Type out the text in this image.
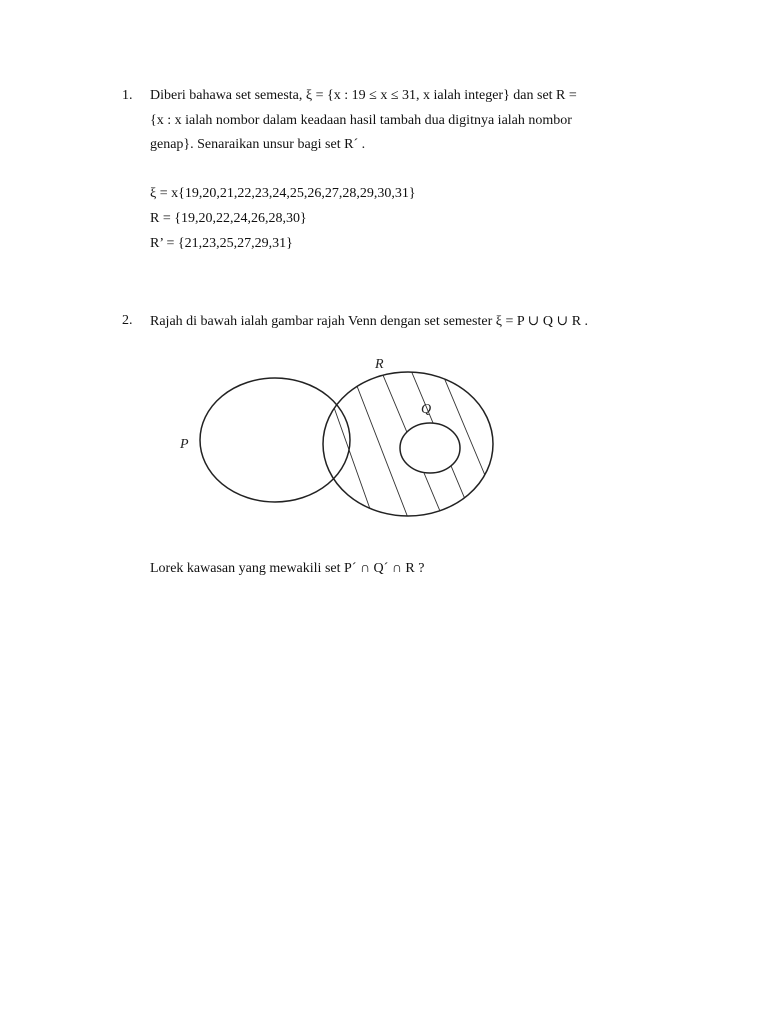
1. Diberi bahawa set semesta, ξ = {x : 19 ≤ x ≤ 31, x ialah integer} dan set R =
{x : x ialah nombor dalam keadaan hasil tambah dua digitnya ialah nombor
genap}. Senaraikan unsur bagi set R´ .
ξ = x{19,20,21,22,23,24,25,26,27,28,29,30,31}
R = {19,20,22,24,26,28,30}
R’ = {21,23,25,27,29,31}
2. Rajah di bawah ialah gambar rajah Venn dengan set semester ξ = P ∪ Q ∪ R .
P
R
Q
Lorek kawasan yang mewakili set P´ ∩ Q´ ∩ R ?
